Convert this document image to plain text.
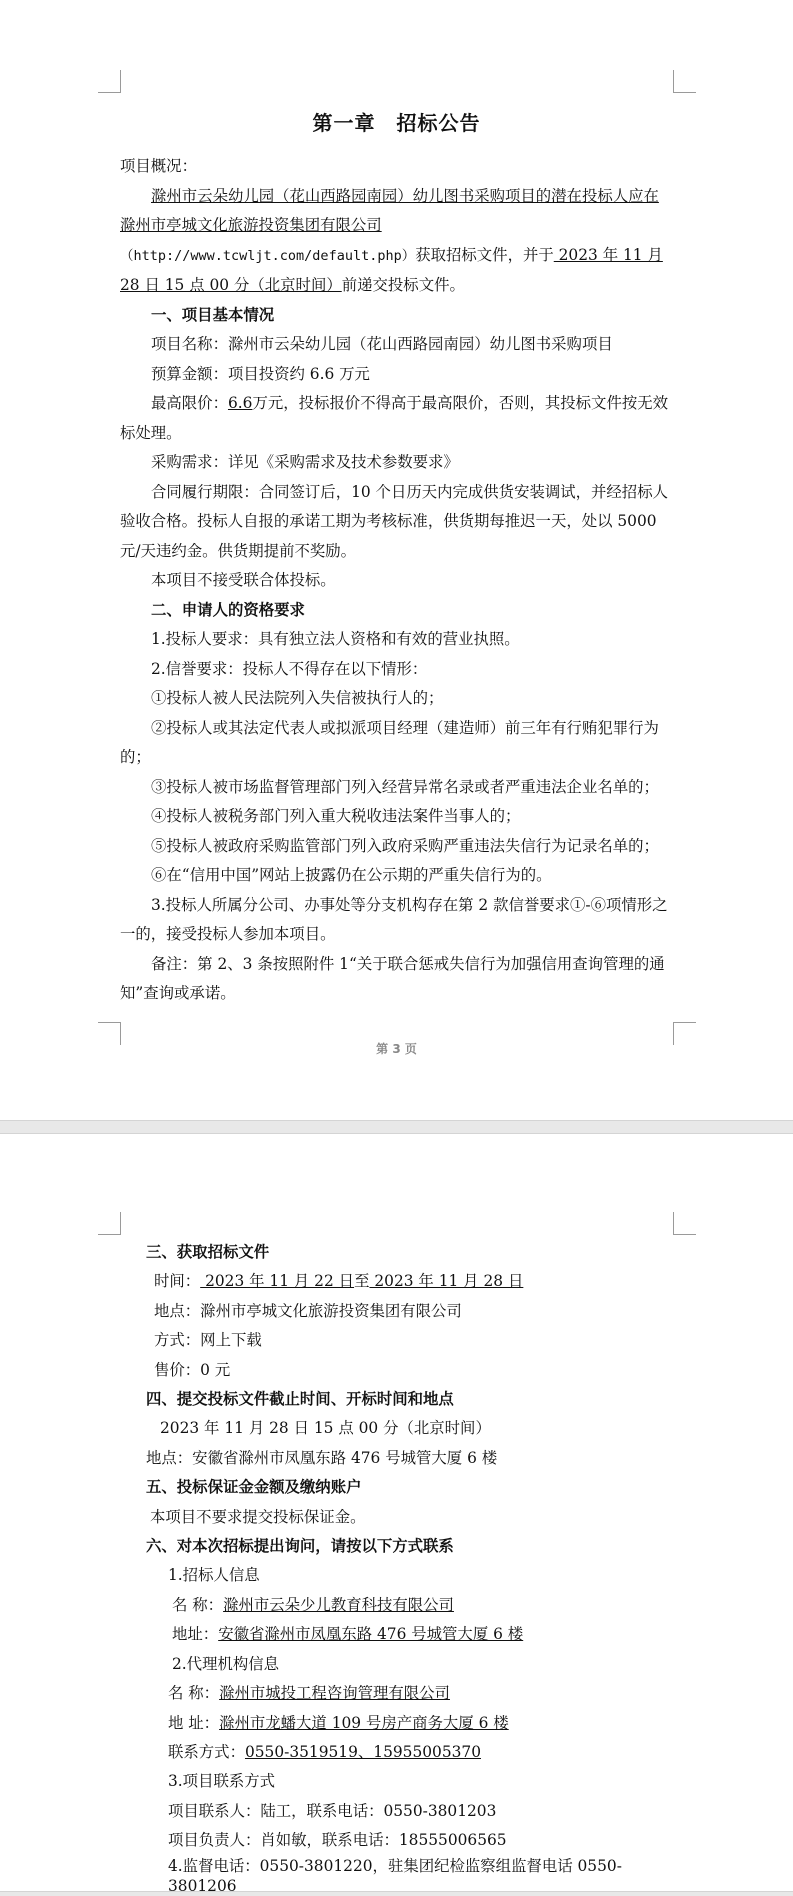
第一章　招标公告

项目概况：

滁州市云朵幼儿园（花山西路园南园）幼儿图书采购项目的潜在投标人应在滁州市亭城文化旅游投资集团有限公司（http://www.tcwljt.com/default.php）获取招标文件，并于 2023 年 11 月 28 日 15 点 00 分（北京时间）前递交投标文件。

一、项目基本情况

项目名称：滁州市云朵幼儿园（花山西路园南园）幼儿图书采购项目

预算金额：项目投资约 6.6 万元

最高限价：6.6万元，投标报价不得高于最高限价，否则，其投标文件按无效标处理。

采购需求：详见《采购需求及技术参数要求》

合同履行期限：合同签订后，10 个日历天内完成供货安装调试，并经招标人验收合格。投标人自报的承诺工期为考核标准，供货期每推迟一天，处以 5000 元/天违约金。供货期提前不奖励。

本项目不接受联合体投标。

二、申请人的资格要求

1.投标人要求：具有独立法人资格和有效的营业执照。

2.信誉要求：投标人不得存在以下情形：

①投标人被人民法院列入失信被执行人的；

②投标人或其法定代表人或拟派项目经理（建造师）前三年有行贿犯罪行为的；

③投标人被市场监督管理部门列入经营异常名录或者严重违法企业名单的；

④投标人被税务部门列入重大税收违法案件当事人的；

⑤投标人被政府采购监管部门列入政府采购严重违法失信行为记录名单的；

⑥在“信用中国”网站上披露仍在公示期的严重失信行为的。

3.投标人所属分公司、办事处等分支机构存在第 2 款信誉要求①-⑥项情形之一的，接受投标人参加本项目。

备注：第 2、3 条按照附件 1“关于联合惩戒失信行为加强信用查询管理的通知”查询或承诺。

第 3 页

三、获取招标文件

时间： 2023 年 11 月 22 日至 2023 年 11 月 28 日

地点：滁州市亭城文化旅游投资集团有限公司

方式：网上下载

售价：0 元

四、提交投标文件截止时间、开标时间和地点

2023 年 11 月 28 日 15 点 00 分（北京时间）

地点：安徽省滁州市凤凰东路 476 号城管大厦 6 楼

五、投标保证金金额及缴纳账户

本项目不要求提交投标保证金。

六、对本次招标提出询问，请按以下方式联系

1.招标人信息

名 称：滁州市云朵少儿教育科技有限公司

地址：安徽省滁州市凤凰东路 476 号城管大厦 6 楼

2.代理机构信息

名 称：滁州市城投工程咨询管理有限公司

地 址：滁州市龙蟠大道 109 号房产商务大厦 6 楼

联系方式：0550-3519519、15955005370

3.项目联系方式

项目联系人：陆工，联系电话：0550-3801203

项目负责人：肖如敏，联系电话：18555006565

4.监督电话：0550-3801220，驻集团纪检监察组监督电话 0550-3801206
